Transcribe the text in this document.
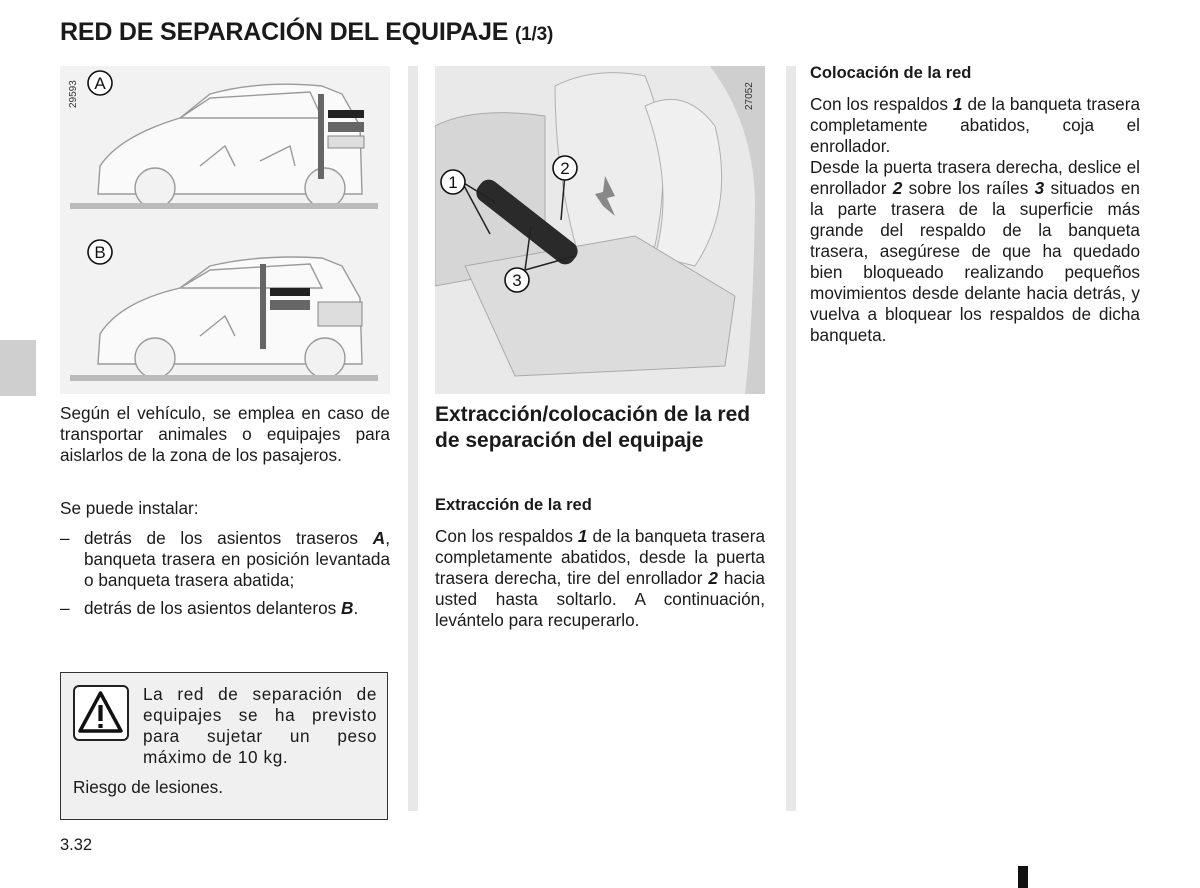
RED DE SEPARACIÓN DEL EQUIPAJE (1/3)
A
B
29593
1
2
3
27052
Según el vehículo, se emplea en caso de transportar animales o equipajes para aislarlos de la zona de los pasajeros.
Se puede instalar:
– detrás de los asientos traseros A, banqueta trasera en posición levantada o banqueta trasera abatida;
– detrás de los asientos delanteros B.
La red de separación de equipajes se ha previsto para sujetar un peso máximo de 10 kg.
Riesgo de lesiones.
Extracción/colocación de la red de separación del equipaje
Extracción de la red
Con los respaldos 1 de la banqueta trasera completamente abatidos, desde la puerta trasera derecha, tire del enrollador 2 hacia usted hasta soltarlo. A continuación, levántelo para recuperarlo.
Colocación de la red
Con los respaldos 1 de la banqueta trasera completamente abatidos, coja el enrollador.
Desde la puerta trasera derecha, deslice el enrollador 2 sobre los raíles 3 situados en la parte trasera de la superficie más grande del respaldo de la banqueta trasera, asegúrese de que ha quedado bien bloqueado realizando pequeños movimientos desde delante hacia detrás, y vuelva a bloquear los respaldos de dicha banqueta.
3.32
